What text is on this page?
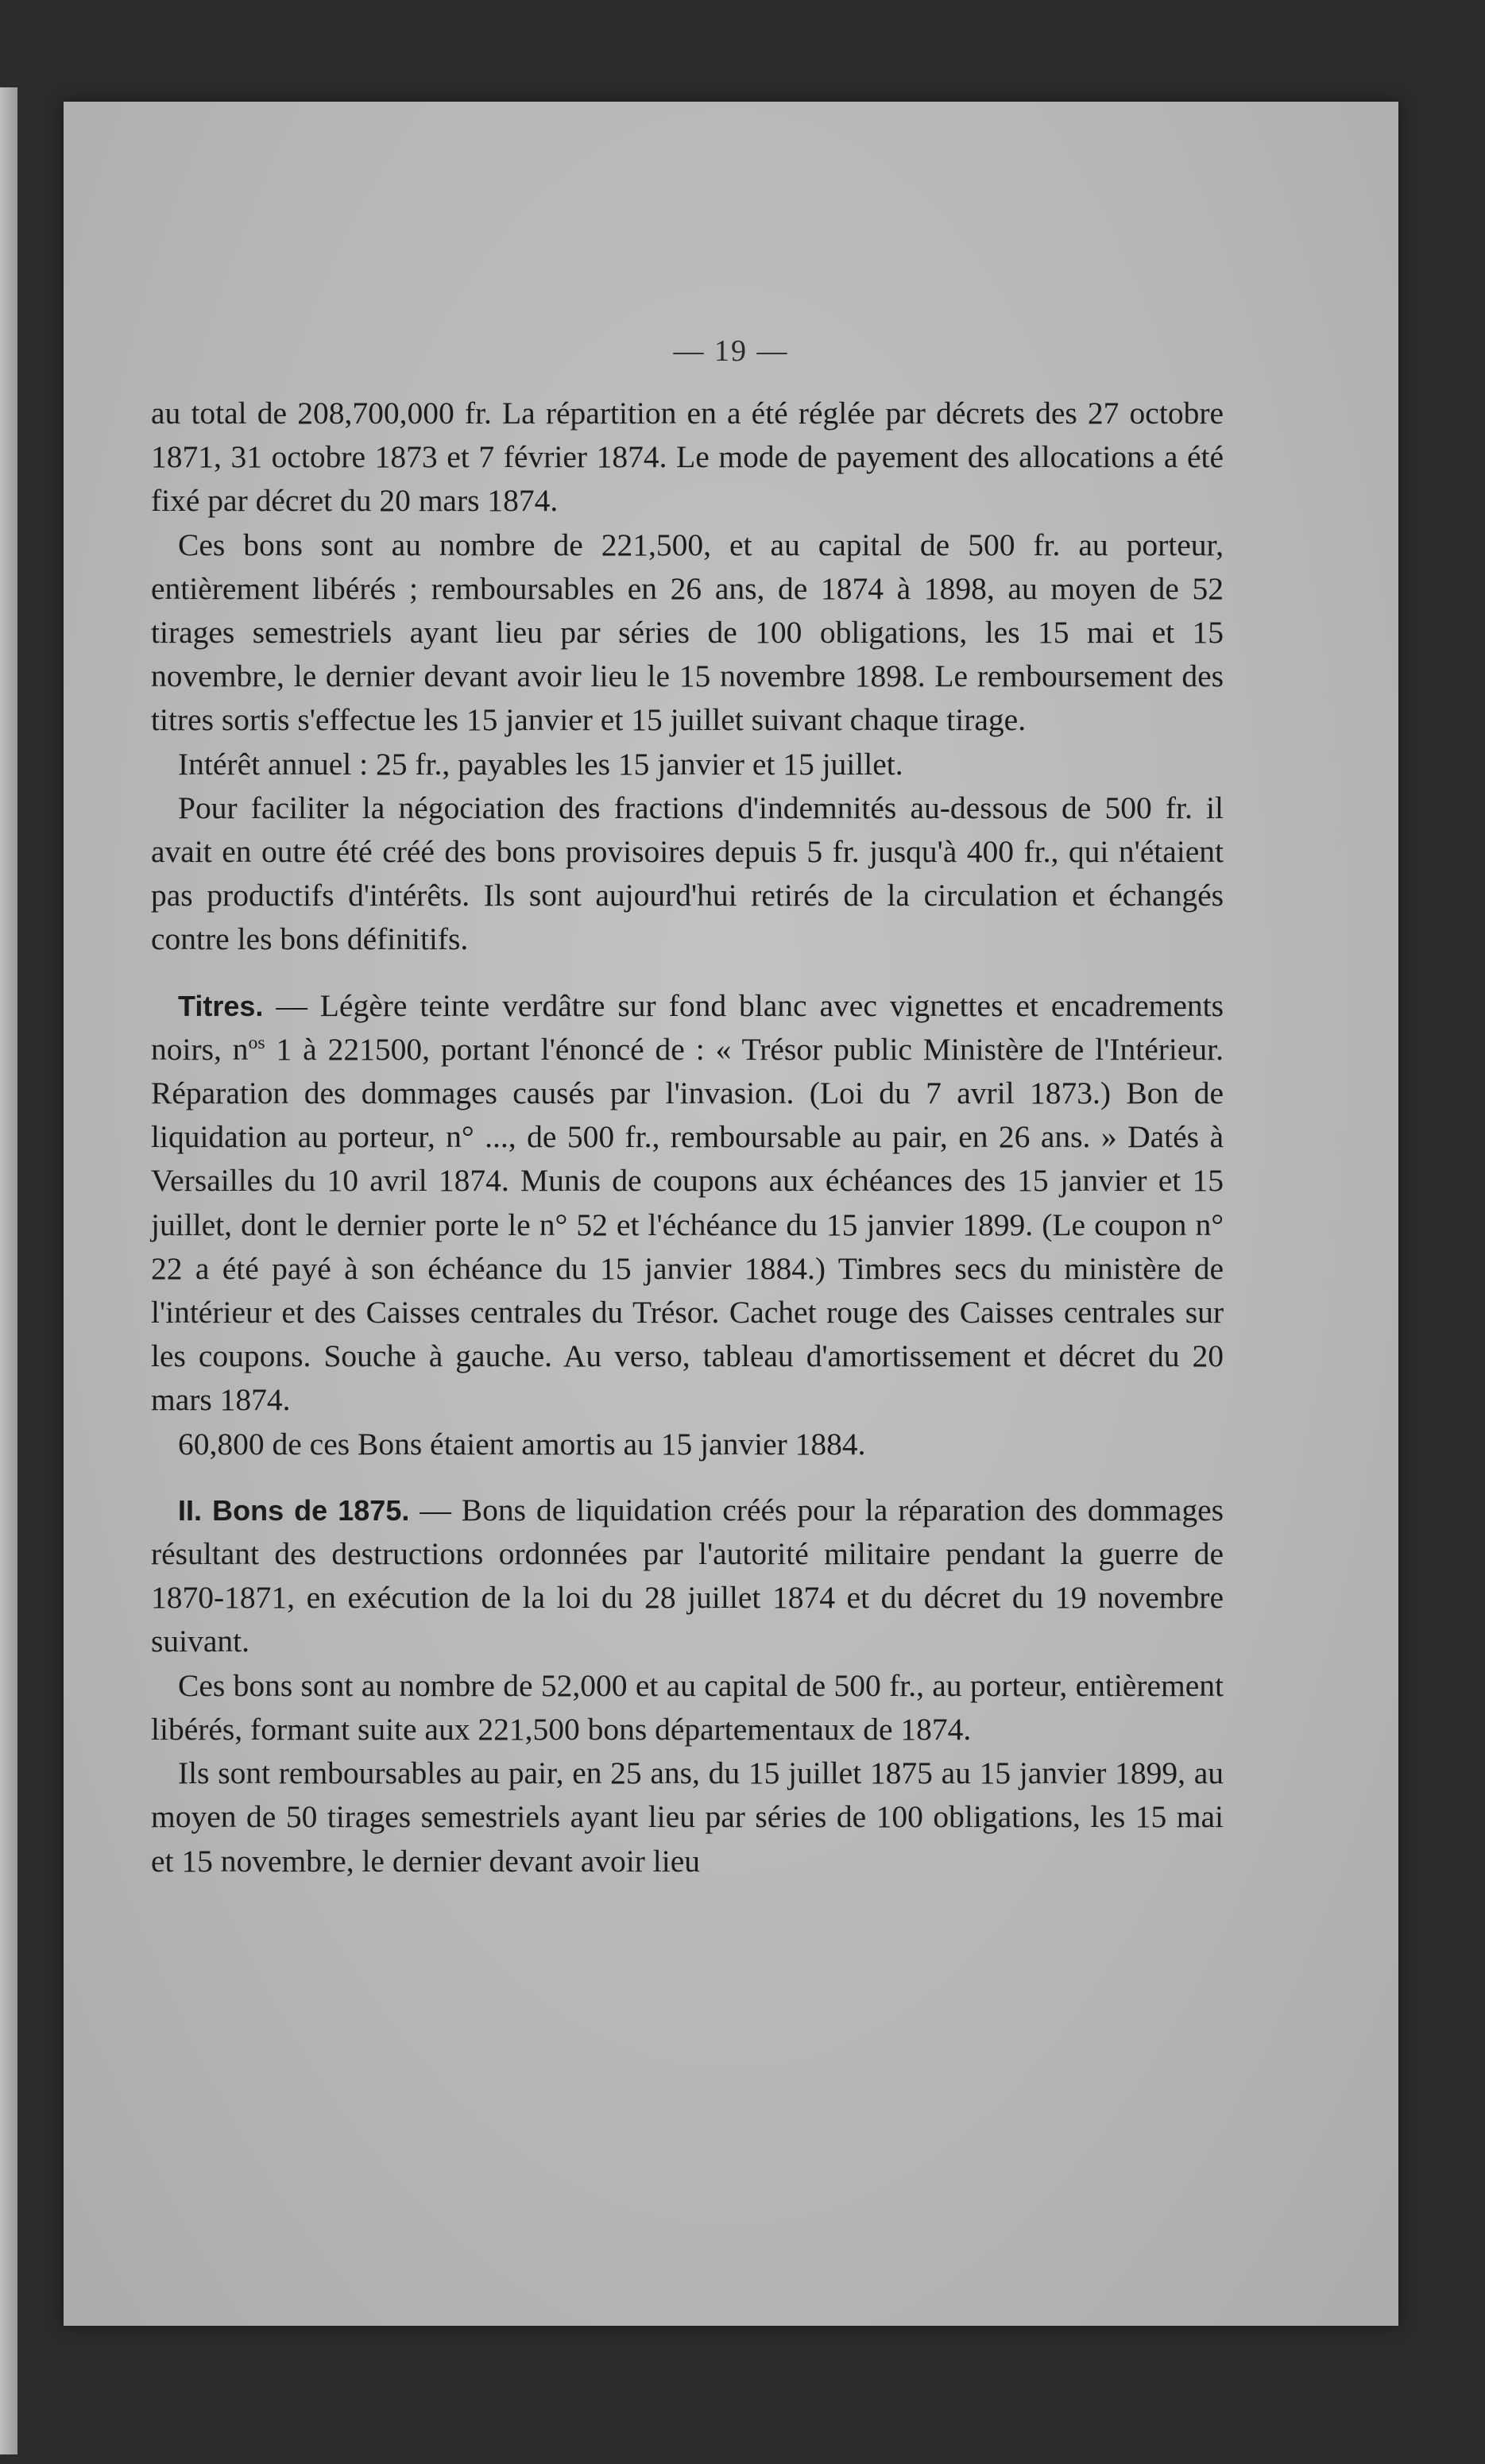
— 19 —

au total de 208,700,000 fr. La répartition en a été réglée par décrets des 27 octobre 1871, 31 octobre 1873 et 7 février 1874. Le mode de payement des allocations a été fixé par décret du 20 mars 1874.

Ces bons sont au nombre de 221,500, et au capital de 500 fr. au porteur, entièrement libérés ; remboursables en 26 ans, de 1874 à 1898, au moyen de 52 tirages semestriels ayant lieu par séries de 100 obligations, les 15 mai et 15 novembre, le dernier devant avoir lieu le 15 novembre 1898. Le remboursement des titres sortis s'effectue les 15 janvier et 15 juillet suivant chaque tirage.

Intérêt annuel : 25 fr., payables les 15 janvier et 15 juillet.

Pour faciliter la négociation des fractions d'indemnités au-dessous de 500 fr. il avait en outre été créé des bons provisoires depuis 5 fr. jusqu'à 400 fr., qui n'étaient pas productifs d'intérêts. Ils sont aujourd'hui retirés de la circulation et échangés contre les bons définitifs.

Titres. — Légère teinte verdâtre sur fond blanc avec vignettes et encadrements noirs, $n^{os}$ 1 à 221500, portant l'énoncé de : « Trésor public Ministère de l'Intérieur. Réparation des dommages causés par l'invasion. (Loi du 7 avril 1873.) Bon de liquidation au porteur, n° ..., de 500 fr., remboursable au pair, en 26 ans. » Datés à Versailles du 10 avril 1874. Munis de coupons aux échéances des 15 janvier et 15 juillet, dont le dernier porte le n° 52 et l'échéance du 15 janvier 1899. (Le coupon n° 22 a été payé à son échéance du 15 janvier 1884.) Timbres secs du ministère de l'intérieur et des Caisses centrales du Trésor. Cachet rouge des Caisses centrales sur les coupons. Souche à gauche. Au verso, tableau d'amortissement et décret du 20 mars 1874.

60,800 de ces Bons étaient amortis au 15 janvier 1884.

II. Bons de 1875. — Bons de liquidation créés pour la réparation des dommages résultant des destructions ordonnées par l'autorité militaire pendant la guerre de 1870-1871, en exécution de la loi du 28 juillet 1874 et du décret du 19 novembre suivant.

Ces bons sont au nombre de 52,000 et au capital de 500 fr., au porteur, entièrement libérés, formant suite aux 221,500 bons départementaux de 1874.

Ils sont remboursables au pair, en 25 ans, du 15 juillet 1875 au 15 janvier 1899, au moyen de 50 tirages semestriels ayant lieu par séries de 100 obligations, les 15 mai et 15 novembre, le dernier devant avoir lieu
